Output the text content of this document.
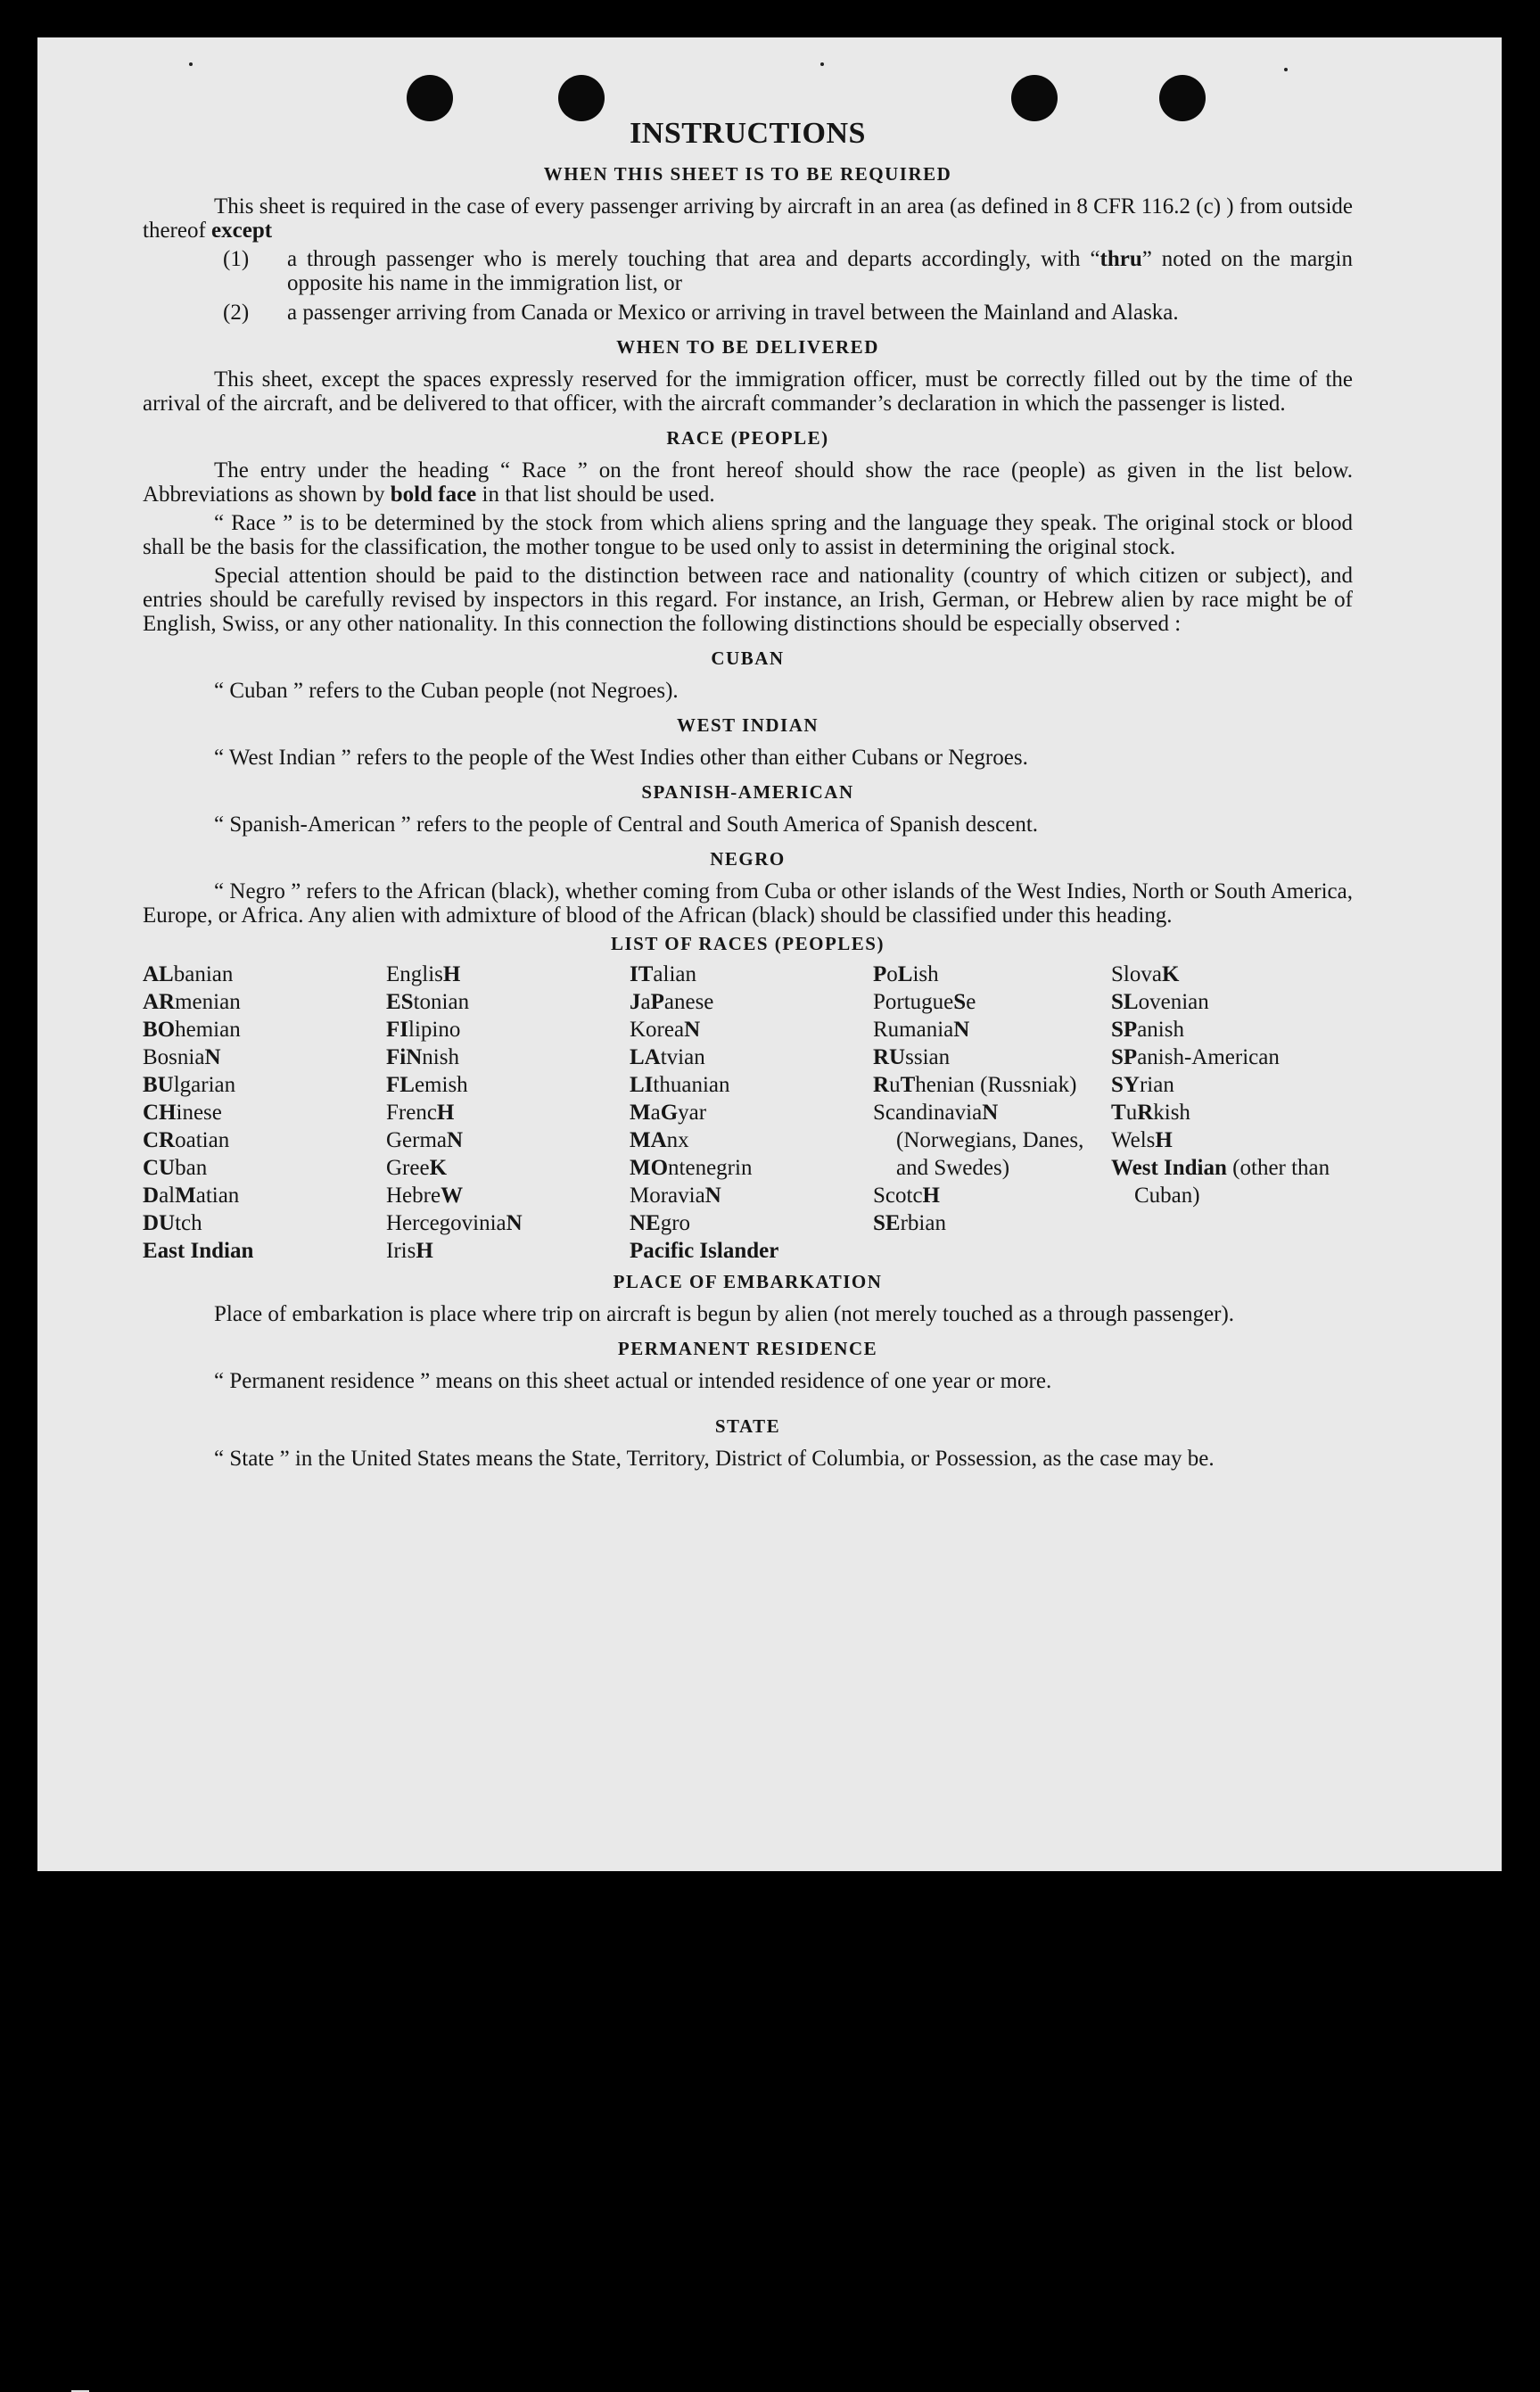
INSTRUCTIONS
WHEN THIS SHEET IS TO BE REQUIRED
This sheet is required in the case of every passenger arriving by aircraft in an area (as defined in 8 CFR 116.2 (c) ) from outside thereof except
(1)	a through passenger who is merely touching that area and departs accordingly, with “thru” noted on the margin opposite his name in the immigration list, or
(2)	a passenger arriving from Canada or Mexico or arriving in travel between the Mainland and Alaska.
WHEN TO BE DELIVERED
This sheet, except the spaces expressly reserved for the immigration officer, must be correctly filled out by the time of the arrival of the aircraft, and be delivered to that officer, with the aircraft commander’s declaration in which the passenger is listed.
RACE (PEOPLE)
The entry under the heading “ Race ” on the front hereof should show the race (people) as given in the list below. Abbreviations as shown by bold face in that list should be used.
“ Race ” is to be determined by the stock from which aliens spring and the language they speak. The original stock or blood shall be the basis for the classification, the mother tongue to be used only to assist in determining the original stock.
Special attention should be paid to the distinction between race and nationality (country of which citizen or subject), and entries should be carefully revised by inspectors in this regard. For instance, an Irish, German, or Hebrew alien by race might be of English, Swiss, or any other nationality. In this connection the following distinctions should be especially observed :
CUBAN
“ Cuban ” refers to the Cuban people (not Negroes).
WEST INDIAN
“ West Indian ” refers to the people of the West Indies other than either Cubans or Negroes.
SPANISH-AMERICAN
“ Spanish-American ” refers to the people of Central and South America of Spanish descent.
NEGRO
“ Negro ” refers to the African (black), whether coming from Cuba or other islands of the West Indies, North or South America, Europe, or Africa. Any alien with admixture of blood of the African (black) should be classified under this heading.
LIST OF RACES (PEOPLES)
ALbanian
ARmenian
BOhemian
BosniaN
BUlgarian
CHinese
CRoatian
CUban
DalMatian
DUtch
East Indian
EnglisH
EStonian
FIlipino
FiNnish
FLemish
FrencH
GermaN
GreeK
HebreW
HercegoviniaN
IrisH
ITalian
JaPanese
KoreaN
LAtvian
LIthuanian
MaGyar
MAnx
MOntenegrin
MoraviaN
NEgro
Pacific Islander
PoLish
PortugueSe
RumaniaN
RUssian
RuThenian (Russniak)
ScandinaviaN (Norwegians, Danes, and Swedes)
ScotcH
SErbian
SlovaK
SLovenian
SPanish
SPanish-American
SYrian
TuRkish
WelsH
West Indian (other than Cuban)
PLACE OF EMBARKATION
Place of embarkation is place where trip on aircraft is begun by alien (not merely touched as a through passenger).
PERMANENT RESIDENCE
“ Permanent residence ” means on this sheet actual or intended residence of one year or more.
STATE
“ State ” in the United States means the State, Territory, District of Columbia, or Possession, as the case may be.
